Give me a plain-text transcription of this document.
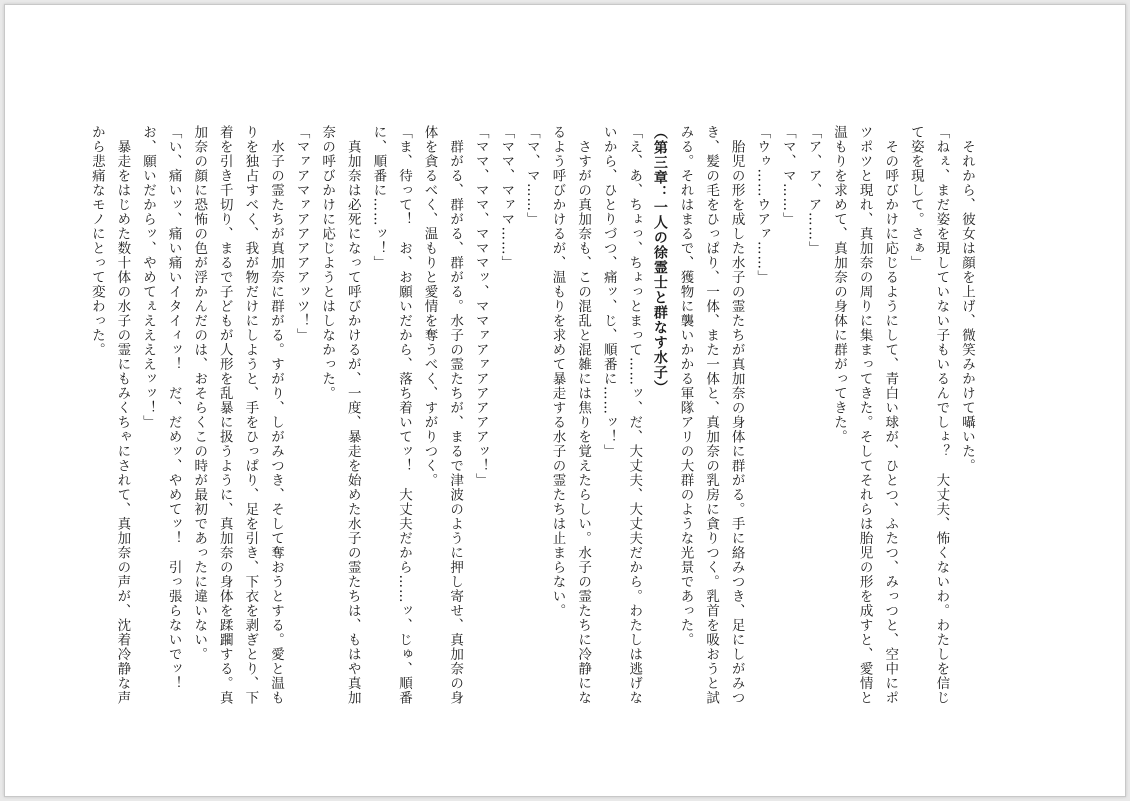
　それから、彼女は顔を上げ、微笑みかけて囁いた。

「ねぇ、まだ姿を現していない子もいるんでしょ？　大丈夫、怖くないわ。わたしを信じて姿を現して。さぁ」

　その呼びかけに応じるようにして、青白い球が、ひとつ、ふたつ、みっつと、空中にポツポツと現れ、真加奈の周りに集まってきた。そしてそれらは胎児の形を成すと、愛情と温もりを求めて、真加奈の身体に群がってきた。

「ア、ア、ア……」

「マ、マ……」

「ウゥ……ウアァ……」

　胎児の形を成した水子の霊たちが真加奈の身体に群がる。手に絡みつき、足にしがみつき、髪の毛をひっぱり、一体、また一体と、真加奈の乳房に貪りつく。乳首を吸おうと試みる。それはまるで、獲物に襲いかかる軍隊アリの大群のような光景であった。

（第三章：一人の徐霊士と群なす水子）

「え、あ、ちょっ、ちょっとまって……ッ、だ、大丈夫、大丈夫だから。わたしは逃げないから、ひとりづつ、痛ッ、じ、順番に……ッ！」

　さすがの真加奈も、この混乱と混雑には焦りを覚えたらしい。水子の霊たちに冷静になるよう呼びかけるが、温もりを求めて暴走する水子の霊たちは止まらない。

「マ、マ……」

「ママ、マァマ……」

「ママ、ママ、マママッ、ママァアァアアアアアッ！」

　群がる、群がる、群がる。水子の霊たちが、まるで津波のように押し寄せ、真加奈の身体を貪るべく、温もりと愛情を奪うべく、すがりつく。

「ま、待って！　お、お願いだから、落ち着いてッ！　大丈夫だから……ッ、じゅ、順番に、順番に……ッ！」

　真加奈は必死になって呼びかけるが、一度、暴走を始めた水子の霊たちは、もはや真加奈の呼びかけに応じようとはしなかった。

「マァアマァアアアアアッツ！」

　水子の霊たちが真加奈に群がる。すがり、しがみつき、そして奪おうとする。愛と温もりを独占すべく、我が物だけにしようと、手をひっぱり、足を引き、下衣を剥ぎとり、下着を引き千切り、まるで子どもが人形を乱暴に扱うように、真加奈の身体を蹂躙する。真加奈の顔に恐怖の色が浮かんだのは、おそらくこの時が最初であったに違いない。

「い、痛いッ、痛い痛いイタイィッ！　だ、だめッ、やめてッ！　引っ張らないでッ！　お、願いだからッ、やめてぇええええッッ！」

　暴走をはじめた数十体の水子の霊にもみくちゃにされて、真加奈の声が、沈着冷静な声から悲痛なモノにとって変わった。
